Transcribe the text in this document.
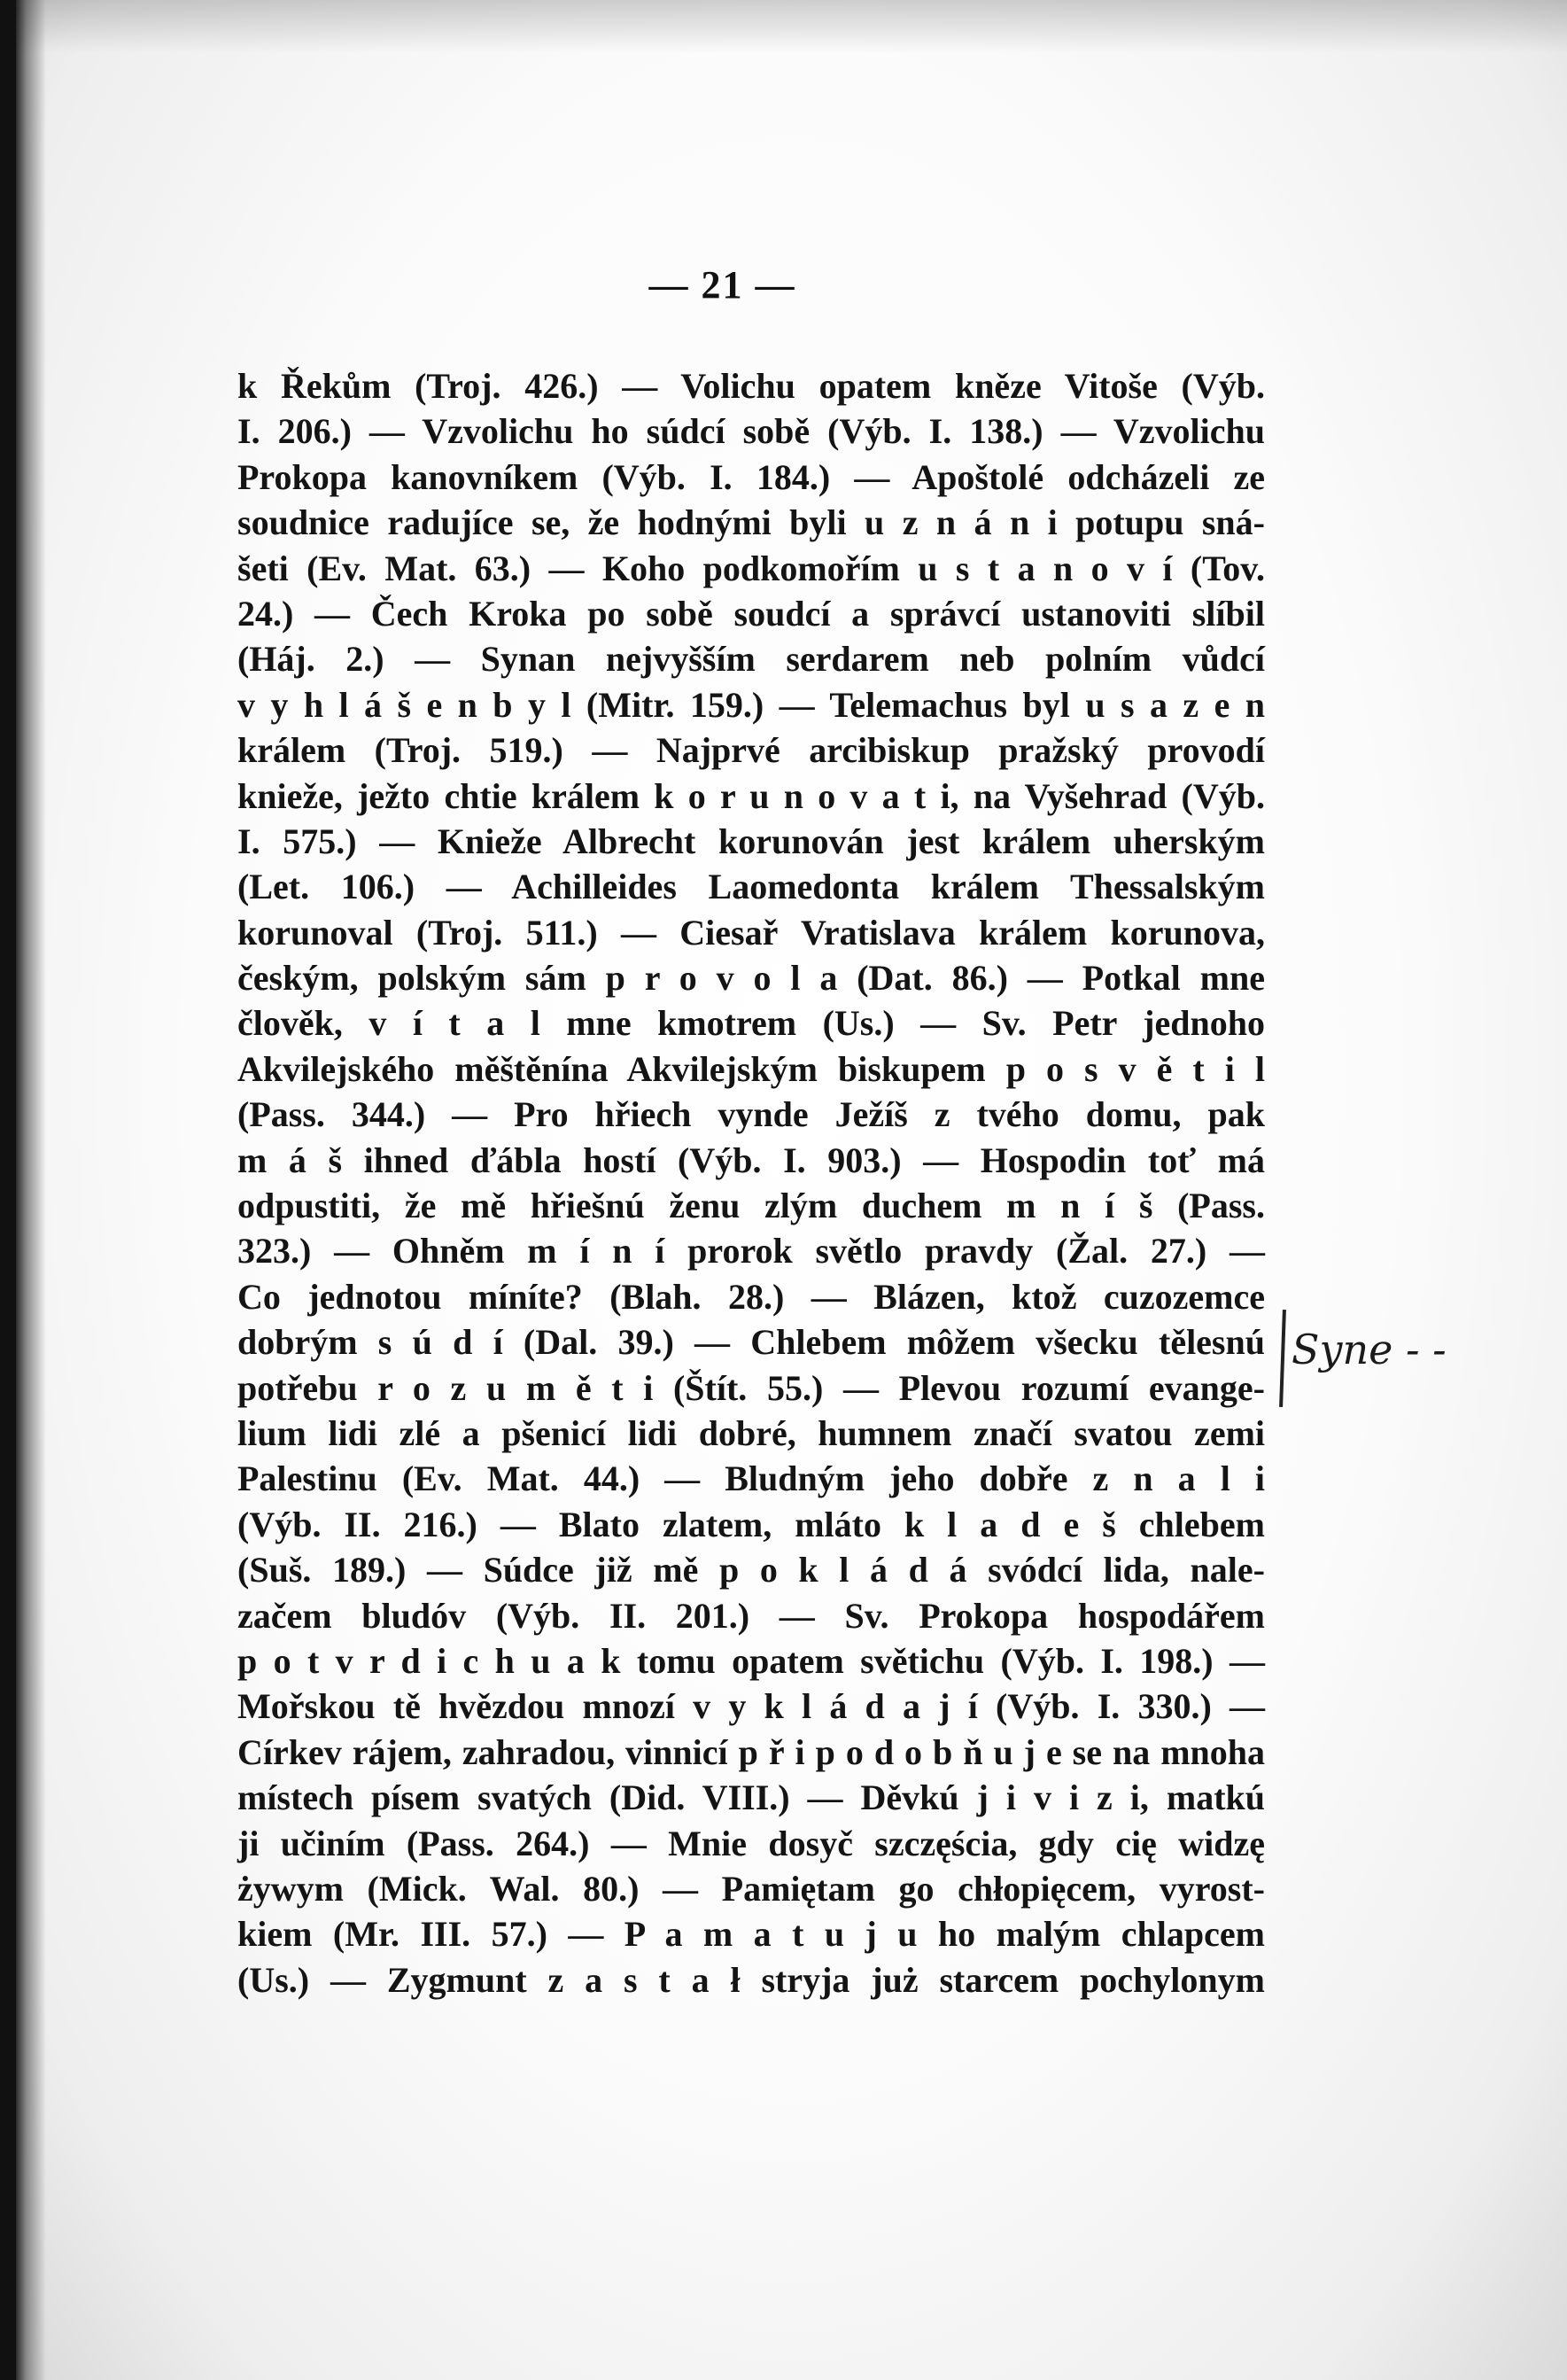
— 21 —
k Řekům (Troj. 426.) — Volichu opatem kněze Vitoše (Výb.
I. 206.) — Vzvolichu ho súdcí sobě (Výb. I. 138.) — Vzvolichu
Prokopa kanovníkem (Výb. I. 184.) — Apoštolé odcházeli ze
soudnice radujíce se, že hodnými byli u z n á n i potupu sná-
šeti (Ev. Mat. 63.) — Koho podkomořím u s t a n o v í (Tov.
24.) — Čech Kroka po sobě soudcí a správcí ustanoviti slíbil
(Háj. 2.) — Synan nejvyšším serdarem neb polním vůdcí
v y h l á š e n b y l (Mitr. 159.) — Telemachus byl u s a z e n
králem (Troj. 519.) — Najprvé arcibiskup pražský provodí
knieže, ježto chtie králem k o r u n o v a t i, na Vyšehrad (Výb.
I. 575.) — Knieže Albrecht korunován jest králem uherským
(Let. 106.) — Achilleides Laomedonta králem Thessalským
korunoval (Troj. 511.) — Ciesař Vratislava králem korunova,
českým, polským sám p r o v o l a (Dat. 86.) — Potkal mne
člověk, v í t a l mne kmotrem (Us.) — Sv. Petr jednoho
Akvilejského měštěnína Akvilejským biskupem p o s v ě t i l
(Pass. 344.) — Pro hřiech vynde Ježíš z tvého domu, pak
m á š ihned ďábla hostí (Výb. I. 903.) — Hospodin toť má
odpustiti, že mě hřiešnú ženu zlým duchem m n í š (Pass.
323.) — Ohněm m í n í prorok světlo pravdy (Žal. 27.) —
Co jednotou míníte? (Blah. 28.) — Blázen, ktož cuzozemce
dobrým s ú d í (Dal. 39.) — Chlebem môžem všecku tělesnú
potřebu r o z u m ě t i (Štít. 55.) — Plevou rozumí evange-
lium lidi zlé a pšenicí lidi dobré, humnem značí svatou zemi
Palestinu (Ev. Mat. 44.) — Bludným jeho dobře z n a l i
(Výb. II. 216.) — Blato zlatem, mláto k l a d e š chlebem
(Suš. 189.) — Súdce již mě p o k l á d á svódcí lida, nale-
začem bludóv (Výb. II. 201.) — Sv. Prokopa hospodářem
p o t v r d i c h u a k tomu opatem světichu (Výb. I. 198.) —
Mořskou tě hvězdou mnozí v y k l á d a j í (Výb. I. 330.) —
Církev rájem, zahradou, vinnicí p ř i p o d o b ň u j e se na mnoha
místech písem svatých (Did. VIII.) — Děvkú j i v i z i, matkú
ji učiním (Pass. 264.) — Mnie dosyč szczęścia, gdy cię widzę
żywym (Mick. Wal. 80.) — Pamiętam go chłopięcem, vyrost-
kiem (Mr. III. 57.) — P a m a t u j u ho malým chlapcem
(Us.) — Zygmunt z a s t a ł stryja już starcem pochylonym
Syne - -
